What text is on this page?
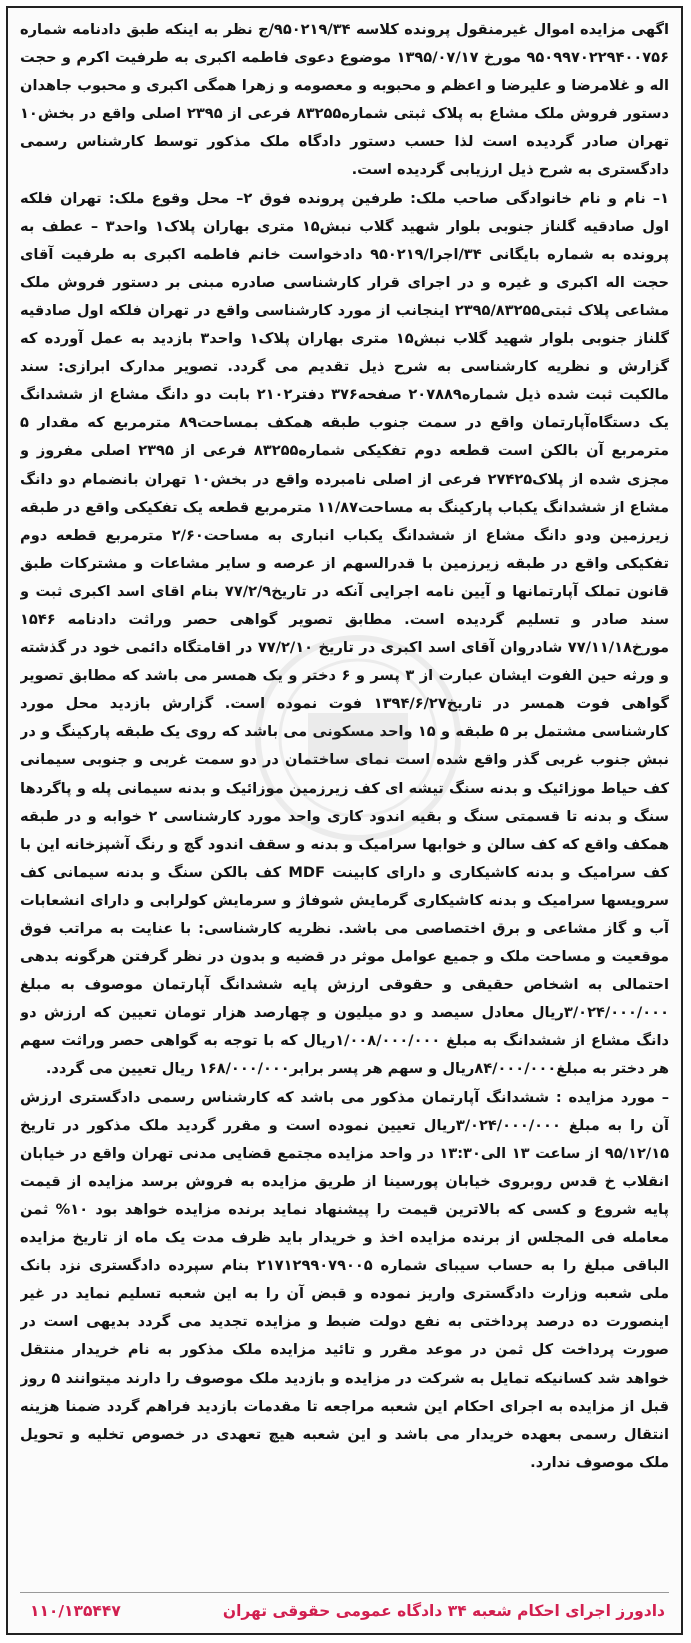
اگهی مزایده اموال غیرمنقول پرونده کلاسه ۹۵۰۲۱۹/۳۴/ج نظر به اینکه طبق دادنامه شماره ۹۵۰۹۹۷۰۲۲۹۴۰۰۷۵۶ مورخ ۱۳۹۵/۰۷/۱۷ موضوع دعوی فاطمه اکبری به طرفیت اکرم و حجت اله و غلامرضا و علیرضا و اعظم و محبوبه و معصومه و زهرا همگی اکبری و محبوب جاهدان دستور فروش ملک مشاع به پلاک ثبتی شماره۸۳۲۵۵ فرعی از ۲۳۹۵ اصلی واقع در بخش۱۰ تهران صادر گردیده است لذا حسب دستور دادگاه ملک مذکور توسط کارشناس رسمی دادگستری به شرح ذیل ارزیابی گردیده است.

۱– نام و نام خانوادگی صاحب ملک: طرفین پرونده فوق ۲– محل وقوع ملک: تهران فلکه اول صادقیه گلناز جنوبی بلوار شهید گلاب نبش۱۵ متری بهاران پلاک۱ واحد۳ – عطف به پرونده به شماره بایگانی ۳۴/اجرا/۹۵۰۲۱۹ دادخواست خانم فاطمه اکبری به طرفیت آقای حجت اله اکبری و غیره و در اجرای قرار کارشناسی صادره مبنی بر دستور فروش ملک مشاعی پلاک ثبتی۲۳۹۵/۸۳۲۵۵ اینجانب از مورد کارشناسی واقع در تهران فلکه اول صادقیه گلناز جنوبی بلوار شهید گلاب نبش۱۵ متری بهاران پلاک۱ واحد۳ بازدید به عمل آورده که گزارش و نظریه کارشناسی به شرح ذیل تقدیم می گردد. تصویر مدارک ابرازی: سند مالکیت ثبت شده ذیل شماره۲۰۷۸۸۹ صفحه۳۷۶ دفتر۲۱۰۲ بابت دو دانگ مشاع از ششدانگ یک دستگاه‌آپارتمان واقع در سمت جنوب طبقه همکف بمساحت۸۹ مترمربع که مقدار ۵ مترمربع آن بالکن است قطعه دوم تفکیکی شماره۸۳۲۵۵ فرعی از ۲۳۹۵ اصلی مفروز و مجزی شده از پلاک۲۷۴۲۵ فرعی از اصلی نامبرده واقع در بخش۱۰ تهران بانضمام دو دانگ مشاع از ششدانگ یکباب پارکینگ به مساحت۱۱/۸۷ مترمربع قطعه یک تفکیکی واقع در طبقه زیرزمین ودو دانگ مشاع از ششدانگ یکباب انباری به مساحت۲/۶۰ مترمربع قطعه دوم تفکیکی واقع در طبقه زیرزمین با قدرالسهم از عرصه و سایر مشاعات و مشترکات طبق قانون تملک آپارتمانها و آیین نامه اجرایی آنکه در تاریخ۷۷/۲/۹ بنام اقای اسد اکبری ثبت و سند صادر و تسلیم گردیده است. مطابق تصویر گواهی حصر وراثت دادنامه ۱۵۴۶ مورخ۷۷/۱۱/۱۸ شادروان آقای اسد اکبری در تاریخ ۷۷/۲/۱۰ در اقامتگاه دائمی خود در گذشته و ورثه حین الفوت ایشان عبارت از ۳ پسر و ۶ دختر و یک همسر می باشد که مطابق تصویر گواهی فوت همسر در تاریخ۱۳۹۴/۶/۲۷ فوت نموده است. گزارش بازدید محل مورد کارشناسی مشتمل بر ۵ طبقه و ۱۵ واحد مسکونی می باشد که روی یک طبقه پارکینگ و در نبش جنوب غربی گذر واقع شده است نمای ساختمان در دو سمت غربی و جنوبی سیمانی کف حیاط موزائیک و بدنه سنگ تیشه ای کف زیرزمین موزائیک و بدنه سیمانی پله و پاگردها سنگ و بدنه تا قسمتی سنگ و بقیه اندود کاری واحد مورد کارشناسی ۲ خوابه و در طبقه همکف واقع که کف سالن و خوابها سرامیک و بدنه و سقف اندود گچ و رنگ آشپزخانه این با کف سرامیک و بدنه کاشیکاری و دارای کابینت MDF کف بالکن سنگ و بدنه سیمانی کف سرویسها سرامیک و بدنه کاشیکاری گرمایش شوفاژ و سرمایش کولرابی و دارای انشعابات آب و گاز مشاعی و برق اختصاصی می باشد. نظریه کارشناسی: با عنایت به مراتب فوق موقعیت و مساحت ملک و جمیع عوامل موثر در قضیه و بدون در نظر گرفتن هرگونه بدهی احتمالی به اشخاص حقیقی و حقوقی ارزش پایه ششدانگ آپارتمان موصوف به مبلغ ۳/۰۲۴/۰۰۰/۰۰۰ریال معادل سیصد و دو میلیون و چهارصد هزار تومان تعیین که ارزش دو دانگ مشاع از ششدانگ به مبلغ ۱/۰۰۸/۰۰۰/۰۰۰ریال که با توجه به گواهی حصر وراثت سهم هر دختر به مبلغ۸۴/۰۰۰/۰۰۰ریال و سهم هر پسر برابر۱۶۸/۰۰۰/۰۰۰ ریال تعیین می گردد.

– مورد مزایده : ششدانگ آپارتمان مذکور می باشد که کارشناس رسمی دادگستری ارزش آن را به مبلغ ۳/۰۲۴/۰۰۰/۰۰۰ریال تعیین نموده است و مقرر گردید ملک مذکور در تاریخ ۹۵/۱۲/۱۵ از ساعت ۱۳ الی۱۳:۳۰ در واحد مزایده مجتمع قضایی مدنی تهران واقع در خیابان انقلاب خ قدس روبروی خیابان پورسینا از طریق مزایده به فروش برسد مزایده از قیمت پایه شروع و کسی که بالاترین قیمت را پیشنهاد نماید برنده مزایده خواهد بود ۱۰% ثمن معامله فی المجلس از برنده مزایده اخذ و خریدار باید ظرف مدت یک ماه از تاریخ مزایده الباقی مبلغ را به حساب سیبای شماره ۲۱۷۱۲۹۹۰۷۹۰۰۵ بنام سپرده دادگستری نزد بانک ملی شعبه وزارت دادگستری واریز نموده و قبض آن را به این شعبه تسلیم نماید در غیر اینصورت ده درصد پرداختی به نفع دولت ضبط و مزایده تجدید می گردد بدیهی است در صورت پرداخت کل ثمن در موعد مقرر و تائید مزایده ملک مذکور به نام خریدار منتقل خواهد شد کسانیکه تمایل به شرکت در مزایده و بازدید ملک موصوف را دارند میتوانند ۵ روز قبل از مزایده به اجرای احکام این شعبه مراجعه تا مقدمات بازدید فراهم گردد ضمنا هزینه انتقال رسمی بعهده خریدار می باشد و این شعبه هیچ تعهدی در خصوص تخلیه و تحویل ملک موصوف ندارد.

دادورز اجرای احکام شعبه ۳۴ دادگاه عمومی حقوقی تهران
۱۱۰/۱۳۵۴۴۷
